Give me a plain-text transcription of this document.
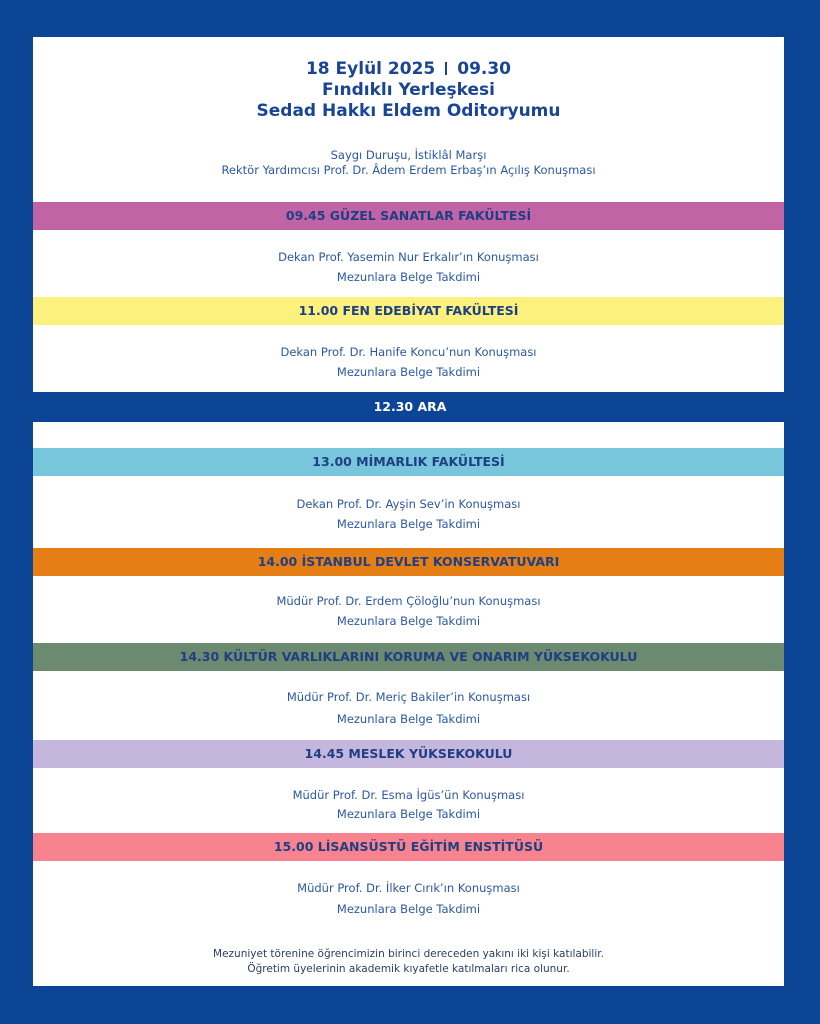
18 Eylül 2025 09.30
Fındıklı Yerleşkesi
Sedad Hakkı Eldem Oditoryumu
Saygı Duruşu, İstiklâl Marşı
Rektör Yardımcısı Prof. Dr. Âdem Erdem Erbaş’ın Açılış Konuşması
09.45 GÜZEL SANATLAR FAKÜLTESİ
Dekan Prof. Yasemin Nur Erkalır’ın Konuşması
Mezunlara Belge Takdimi
11.00 FEN EDEBİYAT FAKÜLTESİ
Dekan Prof. Dr. Hanife Koncu’nun Konuşması
Mezunlara Belge Takdimi
12.30 ARA
13.00 MİMARLIK FAKÜLTESİ
Dekan Prof. Dr. Ayşin Sev’in Konuşması
Mezunlara Belge Takdimi
14.00 İSTANBUL DEVLET KONSERVATUVARI
Müdür Prof. Dr. Erdem Çöloğlu’nun Konuşması
Mezunlara Belge Takdimi
14.30 KÜLTÜR VARLIKLARINI KORUMA VE ONARIM YÜKSEKOKULU
Müdür Prof. Dr. Meriç Bakiler’in Konuşması
Mezunlara Belge Takdimi
14.45 MESLEK YÜKSEKOKULU
Müdür Prof. Dr. Esma İgüs’ün Konuşması
Mezunlara Belge Takdimi
15.00 LİSANSÜSTÜ EĞİTİM ENSTİTÜSÜ
Müdür Prof. Dr. İlker Cırık’ın Konuşması
Mezunlara Belge Takdimi
Mezuniyet törenine öğrencimizin birinci dereceden yakını iki kişi katılabilir.
Öğretim üyelerinin akademik kıyafetle katılmaları rica olunur.
